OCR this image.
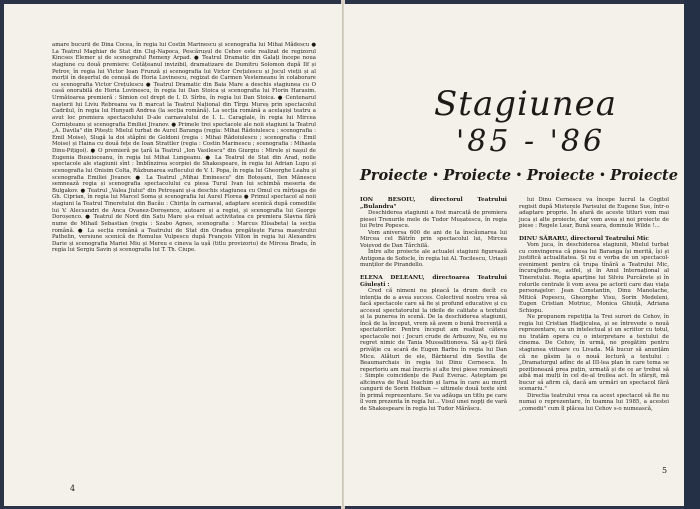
amare bucurii de Dina Cocea, în regia lui Costin Marinescu și scenografia lui Mihai Mădescu ● La Teatrul Maghiar de Stat din Cluj-Napoca, Pescărușul de Cehov este realizat de regizorul Kincses Elemer și de scenograful Remeny Arpad. ● Teatrul Dramatic din Galați începe noua stagiune cu două premiere: Cetățeanul invizibil, dramatizare de Dumitru Solomon după Ilf și Petrov, în regia lui Victor Ioan Frunză și scenografia lui Victor Crețulescu și Jocul vieții și al morții în deșertul de cenușă de Horia Lovinescu, regizat de Carmen Vestemeanu în colaborare cu scenografia Victor Crețulescu ● Teatrul Dramatic din Baia Mare a deschis stagiunea cu O casă onorabilă de Horia Lovinescu, în regia lui Dan Stoica și scenografia lui Florin Harasim. Următoarea premieră : Simion cel drept de I. D. Sîrbu, în regia lui Dan Stoica. ● Centenarul nașterii lui Liviu Rebreanu va fi marcat la Teatrul Național din Tîrgu Mureș prin spectacolul Cadrilul, în regia lui Hunyadi Andrea (la secția română). La secția română a acelașiși teatru a avut loc premiera spectacolului D-ale carnavalului de I. L. Caragiale, în regia lui Mircea Cornișteanu și scenografia Emiliei Jivanov. ● Primele trei spectacole ale noii stagiuni la Teatrul „A. Davila" din Pitești: Mielul turbat de Aurel Baranga (regia: Mihai Rădoiulescu ; scenografia : Emil Moise), Slugă la doi stăpîni de Goldoni (regia : Mihai Rădoiulescu ; scenografia : Emil Moise) și Haina cu două fețe de Ioan Strattler (regia : Costin Marinescu ; scenografia : Mihaela Dinu-Pițigoi). ● O premieră pe țară la Teatrul „Ion Vasilescu" din Giurgiu : Mirele și nașul de Eugenia Busuioceanu, în regia lui Mihai Lungeanu. ● La Teatrul de Stat din Arad, noile spectacole ale stagiunii sînt : Îmblînzirea scorpiei de Shakespeare, în regia lui Adrian Lupu și scenografia lui Onisim Colta, Răzbunarea suflecului de V. I. Popa, în regia lui Gheorghe Leahu și scenografia Emiliei Jivanov. ● La Teatrul „Mihai Eminescu" din Botoșani, Ilen Mănescu semnează regia și scenografia spectacolului cu piesa Turul Ivan lui schimbă meseria de Bulgakov. ● Teatrul „Valea Jiului" din Petroșani și-a deschis stagiunea cu Omul cu mîrțoaga de Gh. Ciprian, în regia lui Marcel Soma și scenografia lui Aurel Florea ● Primul spectacol al noii stagiuni la Teatrul Tineretului din Bacău : Chirița în carnaval, adaptare scenică după comediile lui V. Alecsandri de Anca Ovanez-Doroșenco, autoare și a regiei, și scenografia lui George Doroșenco. ● Teatrul de Nord din Satu Mare și-a reluat activitatea cu premiera Slavna fără nume de Mihail Sebastian (regia : Szabo Agnes, scenografia : Marcus Elisabeta) la secția română. ● La secția română a Teatrului de Stat din Oradea pregătește Farsa maeștrului Pathelin, versiune scenică de Romulus Vulpescu după François Villon în regia lui Alexandru Darie și scenografia Mariei Miu și Mereu e cineva la ușă (titlu provizoriu) de Mircea Bradu, în regia lui Sergiu Savin și scenografia lui T. Th. Ciupe.

4
Stagiunea
'85 - '86
Proiecte • Proiecte • Proiecte • Proiecte

ION BESOIU, directorul Teatrului „Bulandra"

Deschiderea stagiunii a fost marcată de premiera piesei Trenurile mele de Tudor Mușatescu, în regia lui Petre Popescu.

Vom aniversa 600 de ani de la înscăunarea lui Mircea cel Bătrîn prin spectacolul lui, Mircea Voievod de Dan Tărchilă.

Între alte proiecte ale actualei stagiuni figurează Antigona de Sofocle, în regia lui Al. Tocilescu, Uriașii munților de Pirandello.

ELENA DELEANU, directoarea Teatrului Giulești :

Cred că nimeni nu pleacă la drum decît cu intenția de a avea succes. Colectivul nostru vrea să facă spectacole care să fie și profund educative și cu accesul spectatorului la ideile de calitate a textului și la punerea în scenă. De la deschiderea stagiunii, încă de la început, vrem să avem o bună frecvență a spectatorilor. Pentru început am realizat câteva spectacole noi : Jocuri crude de Arbuzov, Nu, eu nu regret nimic de Tania Mussalitionova. Să aș-ți fărâ privăție cu scară de Eugen Barbu în regia lui Dan Micu. Alături de ele, Bărbierul din Sevilla de Beaumarchais în regia lui Dinu Cernescu. În repertoriu am mai înscris și alte trei piese românești : Simple coincidențe de Paul Everac. Așteptam pe altcineva de Paul Ioachim și Iarna în care au murit cangurii de Sorin Holban — ultimele două texte sînt în primă reprezentare. Se va adăuga un titlu pe care îl vom prezenta în regia lui... Visul unei nopți de vară de Shakespeare în regia lui Tudor Mărăscu.

lui Dinu Cernescu va începe lucrul la Cogitol regisit după Misterele Parisului de Eugene Sue, într-o adaptare proprie. În afară de aceste titluri vom mai juca și alte proiecte, dar vom avea și noi proiecte de piese : Regele Lear, Bună seara, domnule Wilde !...

DINU SĂRARU, directorul Teatrului Mic

Vom juca, în deschiderea stagiunii, Mielul turbat cu convingerea că piesa lui Baranga își merită, își și justifică actualitatea. Și nu e vorba de un spectacol-eveniment pentru că trupa tînără a Teatrului Mic, încurajîndu-ne, astfel, și în Anul Internațional al Tineretului. Regia aparține lui Silviu Purcărete și în rolurile centrale îi vom avea pe actorii care dau viața personajelor: Jean Constantin, Dinu Manolache, Mitică Popescu, Gheorghe Visu, Sorin Medeleni, Eugen Cristian Motriuc, Monica Ghiuță, Adriana Schiopu.

Ne propunem repetiția la Trei surori de Cehov, în regia lui Cristian Hadjiculea, și se întrevede o nouă reprezentare, ca un intelectual și un scriitor cu totul, nu tratăm opera cu o interpretare a textului de cinema. De Cehov, în urmă, ne pregătim pentru stagiunea viitoare cu Livada. Mă bucur să anunțăm că ne găsim la o nouă lectură a textului : „Dramaturgul adînc de al III-lea plan în care tema se poziționează prea puțin, urmată și de ce ar trebui să aibă mai mulți în cel de-al treilea act. În sfârșit, mă bucur să afirm că, dacă am urmări un spectacol fără scenariu."

Directia teatrului vrea ca acest spectacol să fie nu numai o reprezentare, în toamna lui 1985, a acestei „comedii" cum îl plăcea lui Cehov s-o numească,

5
